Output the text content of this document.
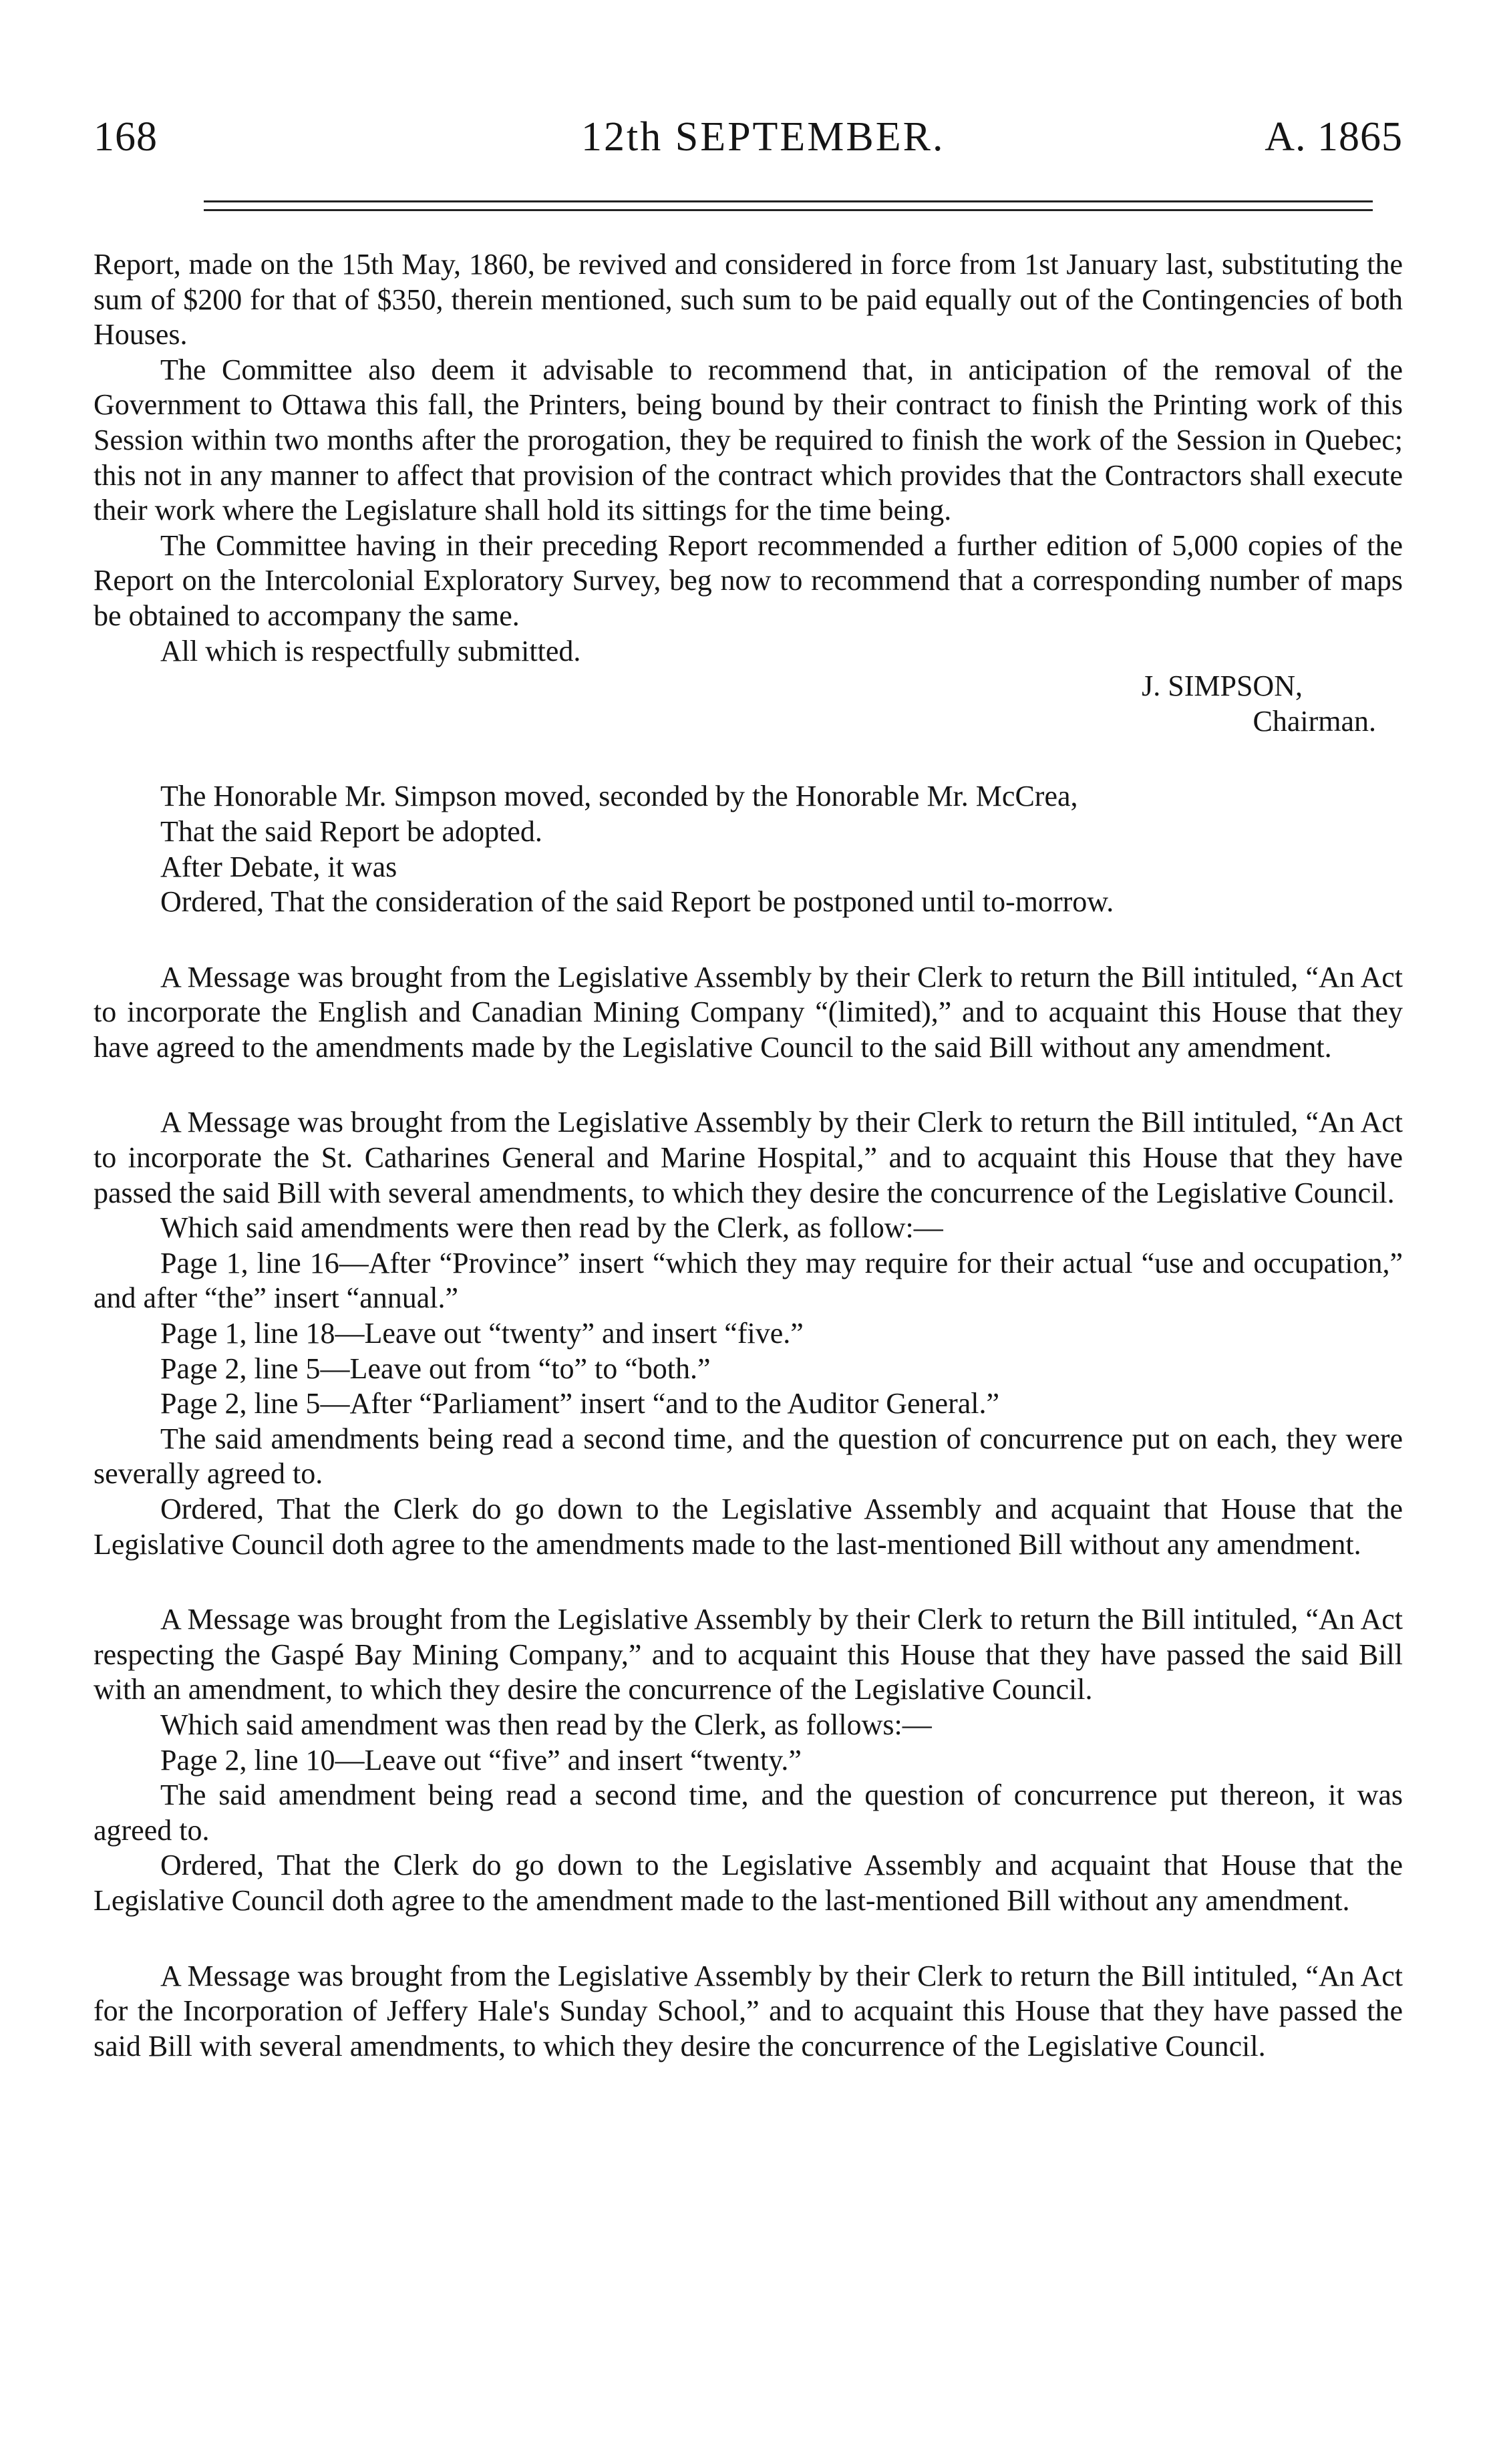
168	12th SEPTEMBER.	A. 1865

Report, made on the 15th May, 1860, be revived and considered in force from 1st January last, substituting the sum of $200 for that of $350, therein mentioned, such sum to be paid equally out of the Contingencies of both Houses.

The Committee also deem it advisable to recommend that, in anticipation of the removal of the Government to Ottawa this fall, the Printers, being bound by their contract to finish the Printing work of this Session within two months after the prorogation, they be required to finish the work of the Session in Quebec; this not in any manner to affect that provision of the contract which provides that the Contractors shall execute their work where the Legislature shall hold its sittings for the time being.

The Committee having in their preceding Report recommended a further edition of 5,000 copies of the Report on the Intercolonial Exploratory Survey, beg now to recommend that a corresponding number of maps be obtained to accompany the same.

All which is respectfully submitted.

J. SIMPSON,

Chairman.

The Honorable Mr. Simpson moved, seconded by the Honorable Mr. McCrea,

That the said Report be adopted.

After Debate, it was

Ordered, That the consideration of the said Report be postponed until to-morrow.

A Message was brought from the Legislative Assembly by their Clerk to return the Bill intituled, “An Act to incorporate the English and Canadian Mining Company “(limited),” and to acquaint this House that they have agreed to the amendments made by the Legislative Council to the said Bill without any amendment.

A Message was brought from the Legislative Assembly by their Clerk to return the Bill intituled, “An Act to incorporate the St. Catharines General and Marine Hospital,” and to acquaint this House that they have passed the said Bill with several amendments, to which they desire the concurrence of the Legislative Council.

Which said amendments were then read by the Clerk, as follow:—

Page 1, line 16—After “Province” insert “which they may require for their actual “use and occupation,” and after “the” insert “annual.”

Page 1, line 18—Leave out “twenty” and insert “five.”

Page 2, line 5—Leave out from “to” to “both.”

Page 2, line 5—After “Parliament” insert “and to the Auditor General.”

The said amendments being read a second time, and the question of concurrence put on each, they were severally agreed to.

Ordered, That the Clerk do go down to the Legislative Assembly and acquaint that House that the Legislative Council doth agree to the amendments made to the last-mentioned Bill without any amendment.

A Message was brought from the Legislative Assembly by their Clerk to return the Bill intituled, “An Act respecting the Gaspé Bay Mining Company,” and to acquaint this House that they have passed the said Bill with an amendment, to which they desire the concurrence of the Legislative Council.

Which said amendment was then read by the Clerk, as follows:—

Page 2, line 10—Leave out “five” and insert “twenty.”

The said amendment being read a second time, and the question of concurrence put thereon, it was agreed to.

Ordered, That the Clerk do go down to the Legislative Assembly and acquaint that House that the Legislative Council doth agree to the amendment made to the last-mentioned Bill without any amendment.

A Message was brought from the Legislative Assembly by their Clerk to return the Bill intituled, “An Act for the Incorporation of Jeffery Hale's Sunday School,” and to acquaint this House that they have passed the said Bill with several amendments, to which they desire the concurrence of the Legislative Council.
